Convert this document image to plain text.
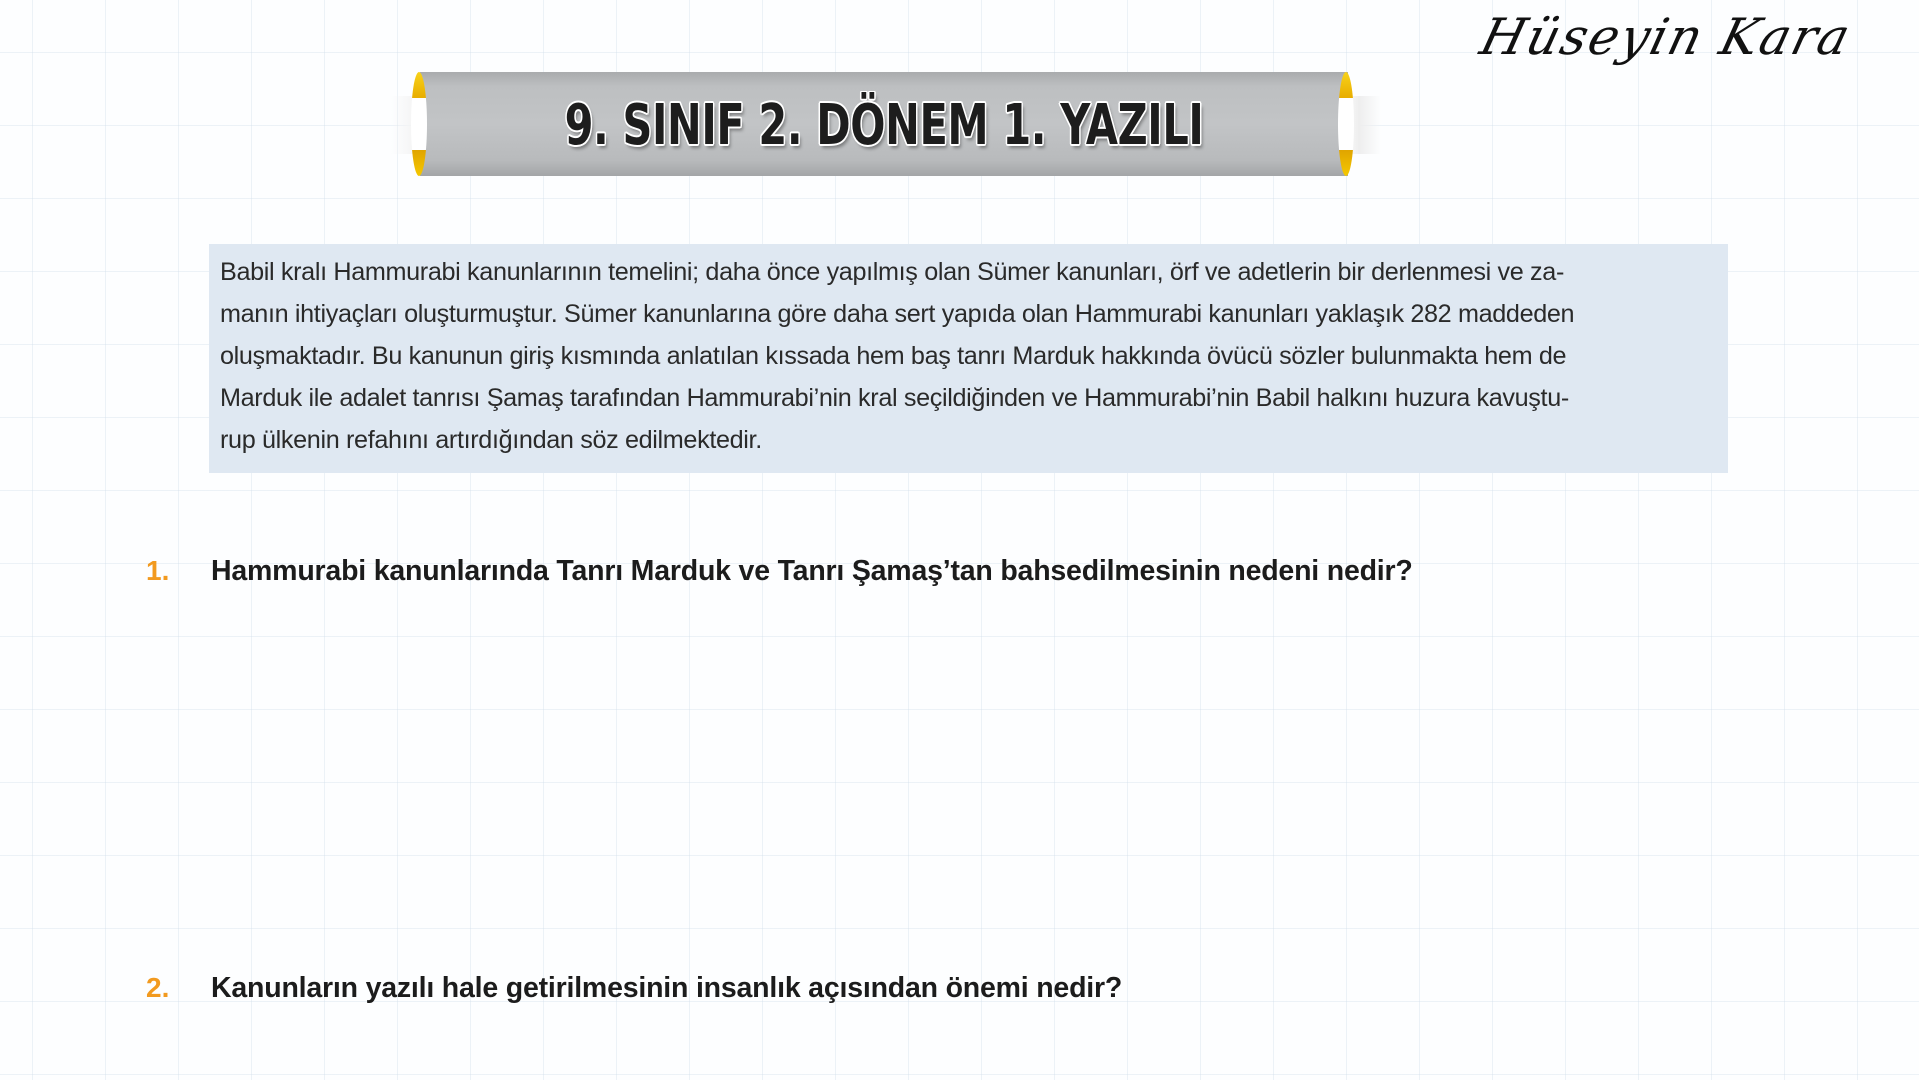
Hüseyin Kara
9. SINIF 2. DÖNEM 1. YAZILI

Babil kralı Hammurabi kanunlarının temelini; daha önce yapılmış olan Sümer kanunları, örf ve adetlerin bir derlenmesi ve za-

manın ihtiyaçları oluşturmuştur. Sümer kanunlarına göre daha sert yapıda olan Hammurabi kanunları yaklaşık 282 maddeden

oluşmaktadır. Bu kanunun giriş kısmında anlatılan kıssada hem baş tanrı Marduk hakkında övücü sözler bulunmakta hem de

Marduk ile adalet tanrısı Şamaş tarafından Hammurabi’nin kral seçildiğinden ve Hammurabi’nin Babil halkını huzura kavuştu-

rup ülkenin refahını artırdığından söz edilmektedir.

1.	Hammurabi kanunlarında Tanrı Marduk ve Tanrı Şamaş’tan bahsedilmesinin nedeni nedir?
2.	Kanunların yazılı hale getirilmesinin insanlık açısından önemi nedir?
